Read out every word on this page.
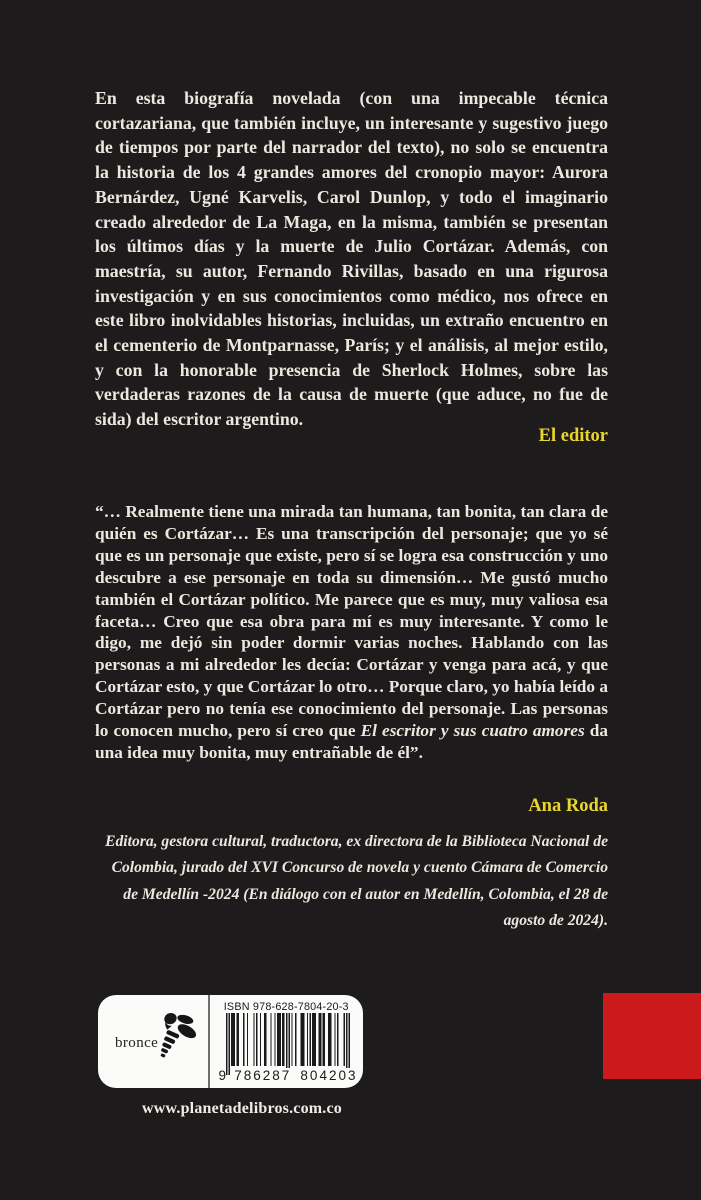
En esta biografía novelada (con una impecable técnica cortazariana, que también incluye, un interesante y sugestivo juego de tiempos por parte del narrador del texto), no solo se encuentra la historia de los 4 grandes amores del cronopio mayor: Aurora Bernárdez, Ugné Karvelis, Carol Dunlop, y todo el imaginario creado alrededor de La Maga, en la misma, también se presentan los últimos días y la muerte de Julio Cortázar. Además, con maestría, su autor, Fernando Rivillas, basado en una rigurosa investigación y en sus conocimientos como médico, nos ofrece en este libro inolvidables historias, incluidas, un extraño encuentro en el cementerio de Montparnasse, París; y el análisis, al mejor estilo, y con la honorable presencia de Sherlock Holmes, sobre las verdaderas razones de la causa de muerte (que aduce, no fue de sida) del escritor argentino.

El editor

“… Realmente tiene una mirada tan humana, tan bonita, tan clara de quién es Cortázar… Es una transcripción del personaje; que yo sé que es un personaje que existe, pero sí se logra esa construcción y uno descubre a ese personaje en toda su dimensión… Me gustó mucho también el Cortázar político. Me parece que es muy, muy valiosa esa faceta… Creo que esa obra para mí es muy interesante. Y como le digo, me dejó sin poder dormir varias noches. Hablando con las personas a mi alrededor les decía: Cortázar y venga para acá, y que Cortázar esto, y que Cortázar lo otro… Porque claro, yo había leído a Cortázar pero no tenía ese conocimiento del personaje. Las personas lo conocen mucho, pero sí creo que El escritor y sus cuatro amores da una idea muy bonita, muy entrañable de él”.

Ana Roda

Editora, gestora cultural, traductora, ex directora de la Biblioteca Nacional de Colombia, jurado del XVI Concurso de novela y cuento Cámara de Comercio de Medellín -2024 (En diálogo con el autor en Medellín, Colombia, el 28 de agosto de 2024).

bronce
ISBN 978-628-7804-20-3
9 786287 804203

www.planetadelibros.com.co
